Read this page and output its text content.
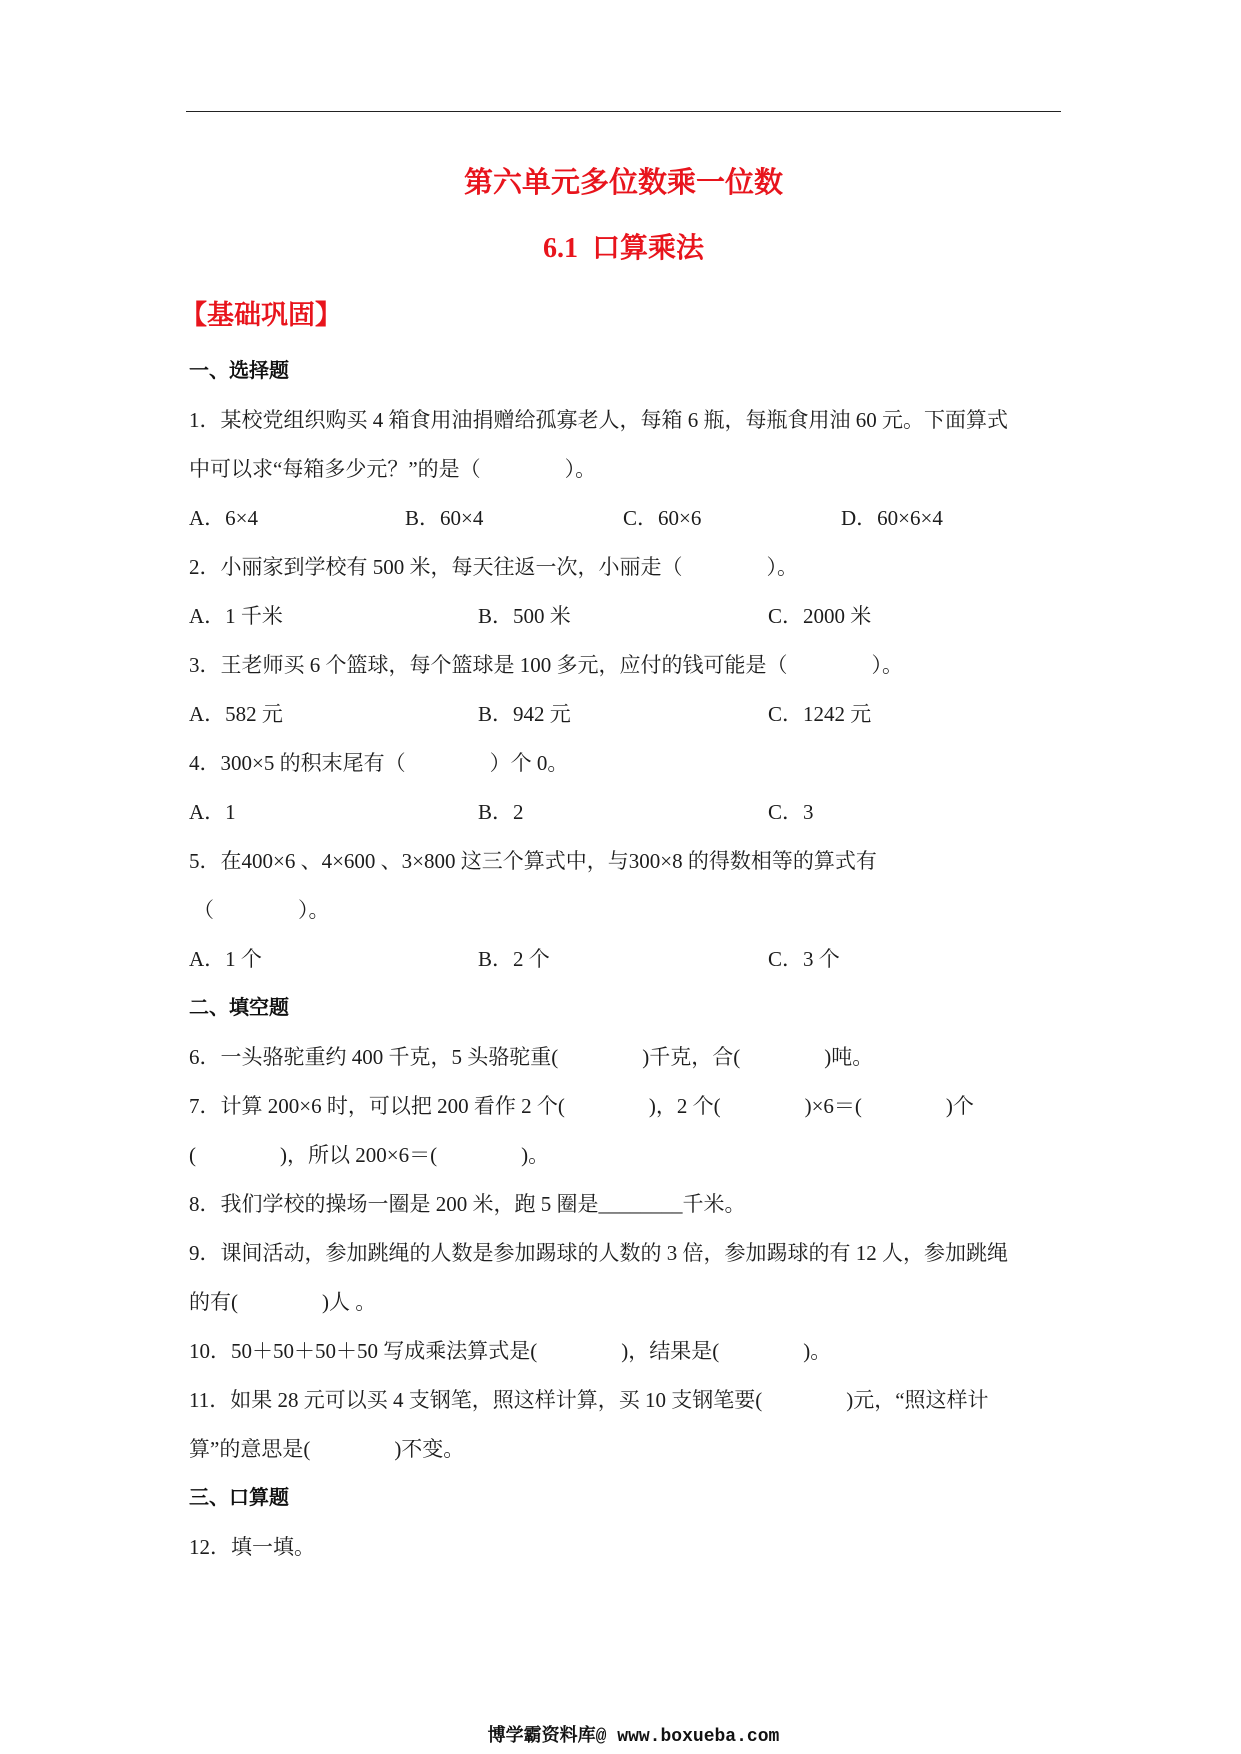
第六单元多位数乘一位数
6.1  口算乘法
【基础巩固】
一、选择题
1．某校党组织购买 4 箱食用油捐赠给孤寡老人，每箱 6 瓶，每瓶食用油 60 元。下面算式
中可以求“每箱多少元？”的是（　　　　）。

A．6×4

	B．60×4

	C．60×6

	D．60×6×4

2．小丽家到学校有 500 米，每天往返一次，小丽走（　　　　）。

A．1 千米

	B．500 米

	C．2000 米

3．王老师买 6 个篮球，每个篮球是 100 多元，应付的钱可能是（　　　　）。

A．582 元

	B．942 元

	C．1242 元

4．300×5 的积末尾有（　　　　）个 0。

A．1

	B．2

	C．3

5．在400×6 、4×600 、3×800 这三个算式中，与300×8 的得数相等的算式有
（　　　　）。

A．1 个

	B．2 个

	C．3 个

二、填空题
6．一头骆驼重约 400 千克，5 头骆驼重(　　　　)千克，合(　　　　)吨。
7．计算 200×6 时，可以把 200 看作 2 个(　　　　)，2 个(　　　　)×6＝(　　　　)个
(　　　　)，所以 200×6＝(　　　　)。
8．我们学校的操场一圈是 200 米，跑 5 圈是________千米。
9．课间活动，参加跳绳的人数是参加踢球的人数的 3 倍，参加踢球的有 12 人，参加跳绳
的有(　　　　)人 。
10．50＋50＋50＋50 写成乘法算式是(　　　　)，结果是(　　　　)。
11．如果 28 元可以买 4 支钢笔，照这样计算，买 10 支钢笔要(　　　　)元，“照这样计
算”的意思是(　　　　)不变。
三、口算题
12．填一填。
博学霸资料库@ www.boxueba.com
